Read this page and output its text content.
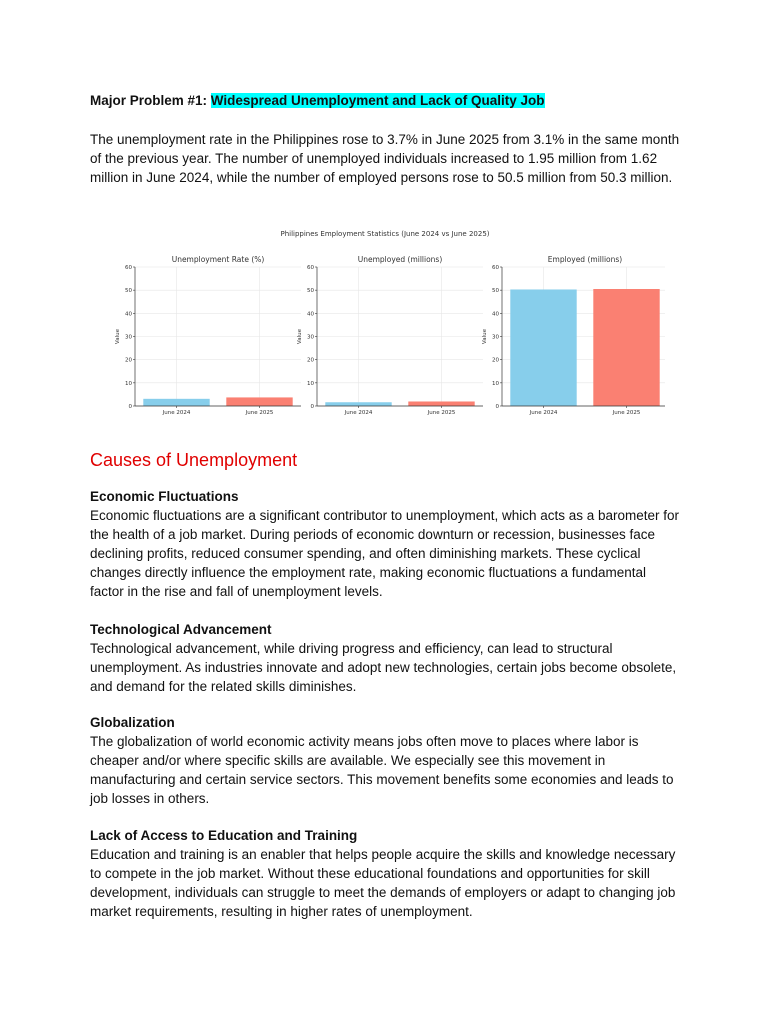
Major Problem #1: Widespread Unemployment and Lack of Quality Job
The unemployment rate in the Philippines rose to 3.7% in June 2025 from 3.1% in the same month of the previous year. The number of unemployed individuals increased to 1.95 million from 1.62 million in June 2024, while the number of employed persons rose to 50.5 million from 50.3 million.
Philippines Employment Statistics (June 2024 vs June 2025)
Unemployment Rate (%)
0
10
20
30
40
50
60
Value
June 2024	June 2025
Unemployed (millions)
0
10
20
30
40
50
60
Value
June 2024	June 2025
Employed (millions)
0
10
20
30
40
50
60
Value
June 2024	June 2025
Causes of Unemployment
Economic Fluctuations
Economic fluctuations are a significant contributor to unemployment, which acts as a barometer for the health of a job market. During periods of economic downturn or recession, businesses face declining profits, reduced consumer spending, and often diminishing markets. These cyclical changes directly influence the employment rate, making economic fluctuations a fundamental factor in the rise and fall of unemployment levels.
Technological Advancement
Technological advancement, while driving progress and efficiency, can lead to structural unemployment. As industries innovate and adopt new technologies, certain jobs become obsolete, and demand for the related skills diminishes.
Globalization
The globalization of world economic activity means jobs often move to places where labor is cheaper and/or where specific skills are available. We especially see this movement in manufacturing and certain service sectors. This movement benefits some economies and leads to job losses in others.
Lack of Access to Education and Training
Education and training is an enabler that helps people acquire the skills and knowledge necessary to compete in the job market. Without these educational foundations and opportunities for skill development, individuals can struggle to meet the demands of employers or adapt to changing job market requirements, resulting in higher rates of unemployment.
